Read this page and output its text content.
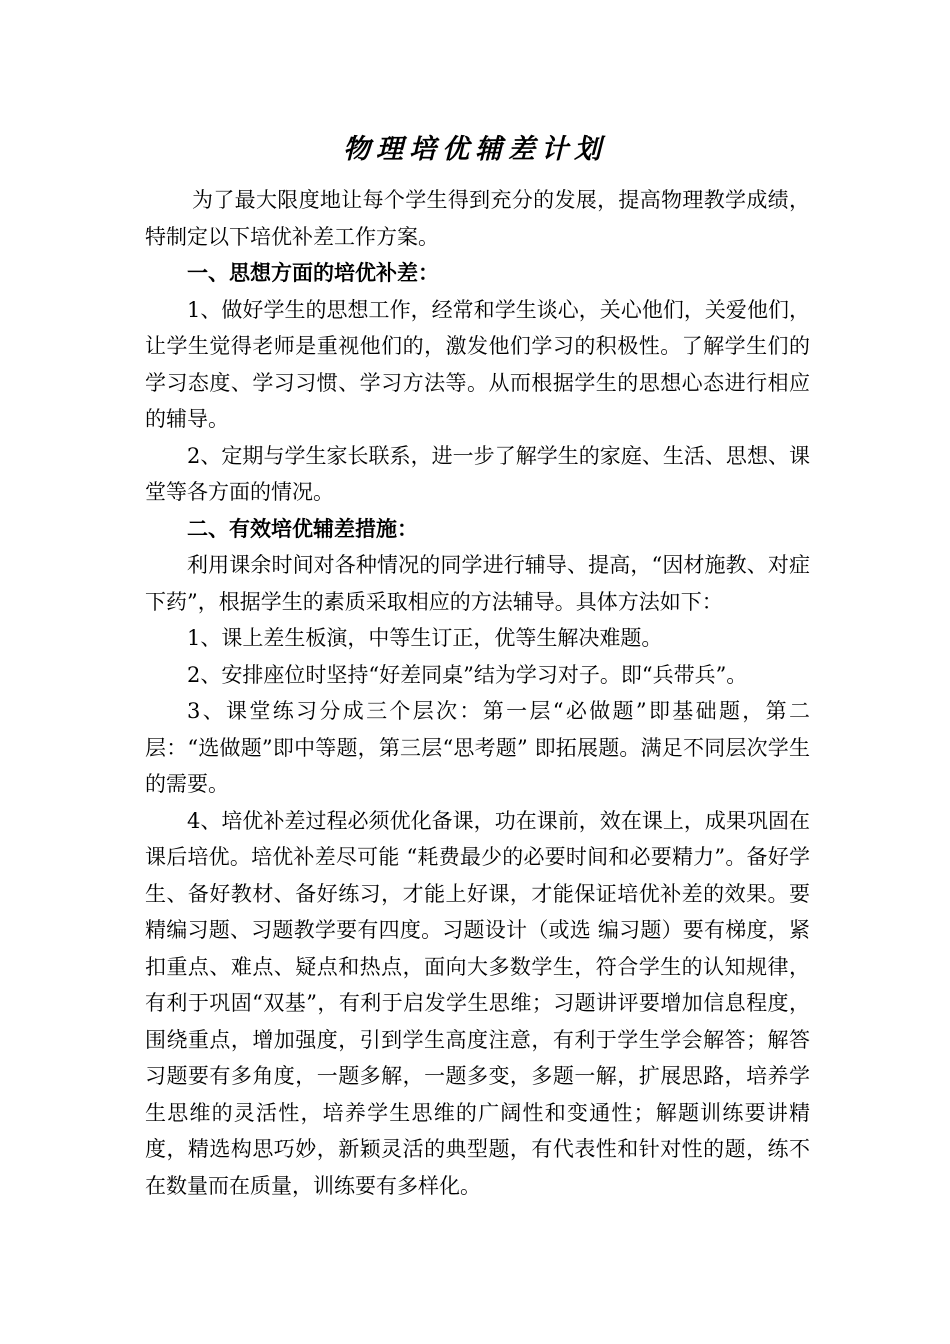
物理培优辅差计划

为了最大限度地让每个学生得到充分的发展，提高物理教学成绩，特制定以下培优补差工作方案。

一、思想方面的培优补差：

1、做好学生的思想工作，经常和学生谈心，关心他们，关爱他们，让学生觉得老师是重视他们的，激发他们学习的积极性。了解学生们的学习态度、学习习惯、学习方法等。从而根据学生的思想心态进行相应的辅导。

2、定期与学生家长联系，进一步了解学生的家庭、生活、思想、课堂等各方面的情况。

二、有效培优辅差措施：

利用课余时间对各种情况的同学进行辅导、提高，“因材施教、对症下药”，根据学生的素质采取相应的方法辅导。具体方法如下：

1、课上差生板演，中等生订正，优等生解决难题。

2、安排座位时坚持“好差同桌”结为学习对子。即“兵带兵”。

3、课堂练习分成三个层次：第一层“必做题”即基础题，第二层：“选做题”即中等题，第三层“思考题” 即拓展题。满足不同层次学生的需要。

4、培优补差过程必须优化备课，功在课前，效在课上，成果巩固在课后培优。培优补差尽可能 “耗费最少的必要时间和必要精力”。备好学生、备好教材、备好练习，才能上好课，才能保证培优补差的效果。要精编习题、习题教学要有四度。习题设计（或选 编习题）要有梯度，紧扣重点、难点、疑点和热点，面向大多数学生，符合学生的认知规律，有利于巩固“双基”，有利于启发学生思维；习题讲评要增加信息程度，围绕重点，增加强度，引到学生高度注意，有利于学生学会解答；解答习题要有多角度，一题多解，一题多变，多题一解，扩展思路，培养学生思维的灵活性，培养学生思维的广阔性和变通性；解题训练要讲精度，精选构思巧妙，新颖灵活的典型题，有代表性和针对性的题，练不在数量而在质量，训练要有多样化。
